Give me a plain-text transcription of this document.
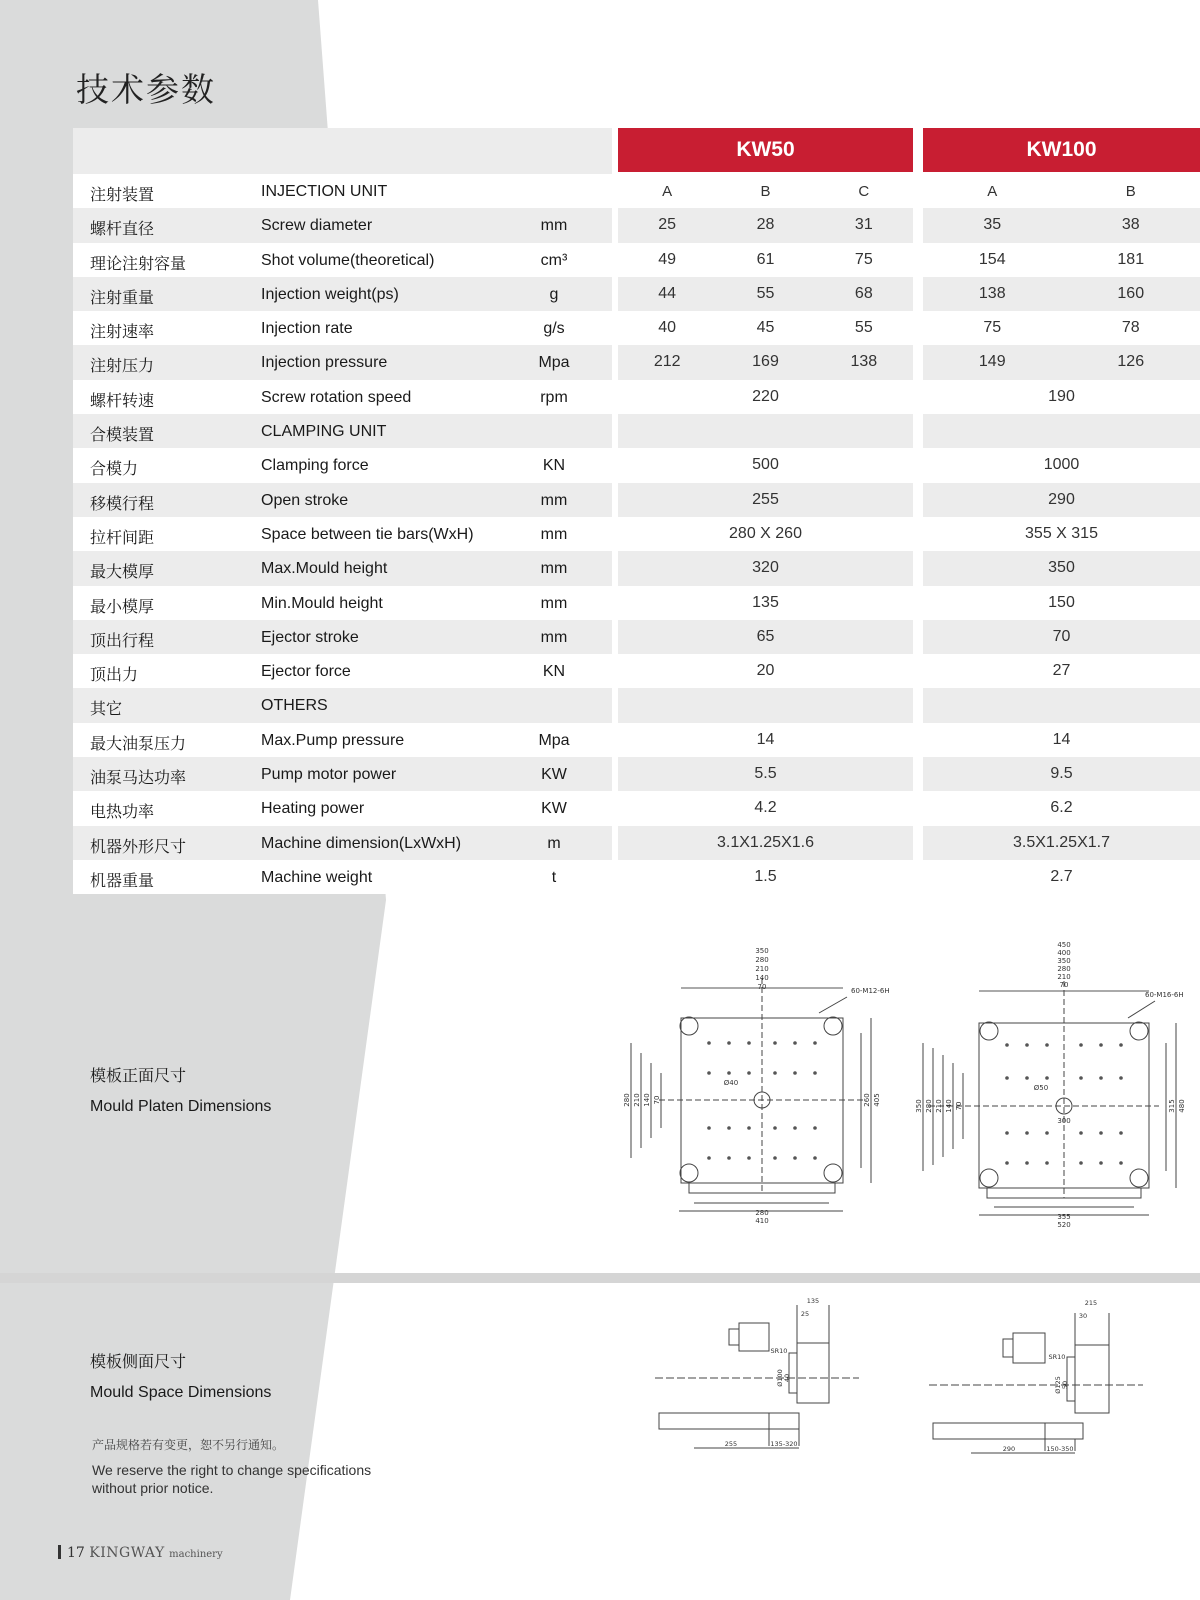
技术参数
KW50	KW100
注射装置	INJECTION UNIT	A	B	C	A	B
螺杆直径	Screw diameter	mm	25	28	31	35	38
理论注射容量	Shot volume(theoretical)	cm³	49	61	75	154	181
注射重量	Injection weight(ps)	g	44	55	68	138	160
注射速率	Injection rate	g/s	40	45	55	75	78
注射压力	Injection pressure	Mpa	212	169	138	149	126
螺杆转速	Screw rotation speed	rpm	220	190
合模装置	CLAMPING UNIT
合模力	Clamping force	KN	500	1000
移模行程	Open stroke	mm	255	290
拉杆间距	Space between tie bars(WxH)	mm	280 X 260	355 X 315
最大模厚	Max.Mould height	mm	320	350
最小模厚	Min.Mould height	mm	135	150
顶出行程	Ejector stroke	mm	65	70
顶出力	Ejector force	KN	20	27
其它	OTHERS
最大油泵压力	Max.Pump pressure	Mpa	14	14
油泵马达功率	Pump motor power	KW	5.5	9.5
电热功率	Heating power	KW	4.2	6.2
机器外形尺寸	Machine dimension(LxWxH)	m	3.1X1.25X1.6	3.5X1.25X1.7
机器重量	Machine weight	t	1.5	2.7
350
280
210
140
70	60-M12-6H
Ø40
280
410
280 210 140 70	260 405
450
400
350
280
210
70
60-M16-6H
Ø50
300
355
520
350 280 210 140 70	315 480
135
25
SR10
Ø100 40
255	135-320
215
30
SR10
Ø125 50
290	150-350
模板正面尺寸
Mould Platen Dimensions
模板侧面尺寸
Mould Space Dimensions
产品规格若有变更，恕不另行通知。
We reserve the right to change specifications without prior notice.
17 KINGWAY machinery
